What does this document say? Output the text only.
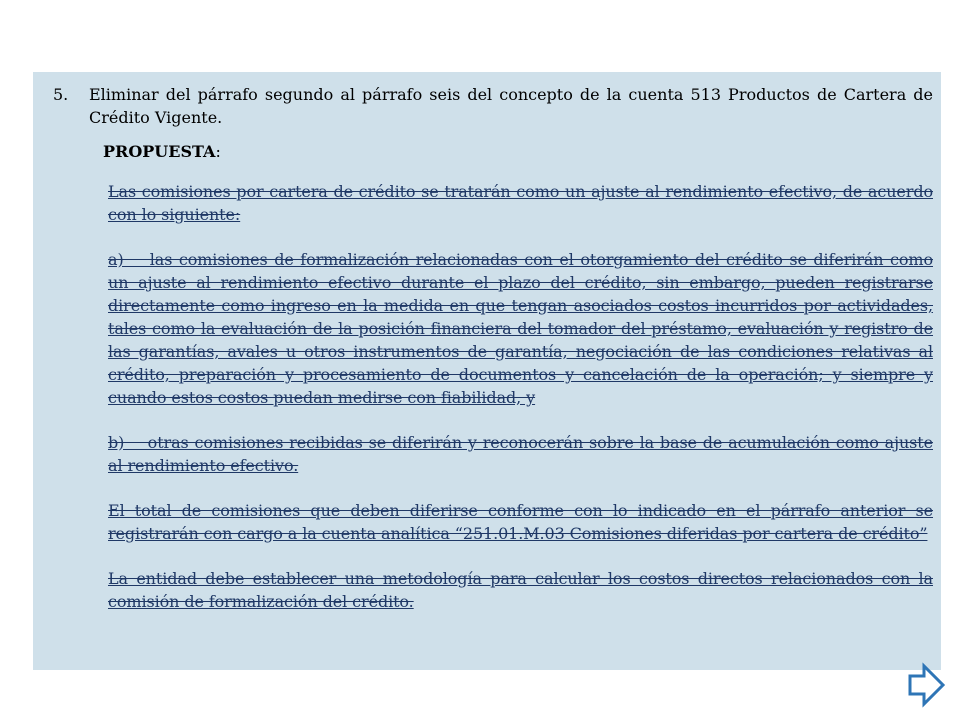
5.	Eliminar del párrafo segundo al párrafo seis del concepto de la cuenta 513 Productos de Cartera de Crédito Vigente.
PROPUESTA:
Las comisiones por cartera de crédito se tratarán como un ajuste al rendimiento efectivo, de acuerdo con lo siguiente:
a)    las comisiones de formalización relacionadas con el otorgamiento del crédito se diferirán como un ajuste al rendimiento efectivo durante el plazo del crédito, sin embargo, pueden registrarse directamente como ingreso en la medida en que tengan asociados costos incurridos por actividades, tales como la evaluación de la posición financiera del tomador del préstamo, evaluación y registro de las garantías, avales u otros instrumentos de garantía, negociación de las condiciones relativas al crédito, preparación y procesamiento de documentos y cancelación de la operación; y siempre y cuando estos costos puedan medirse con fiabilidad, y
b)    otras comisiones recibidas se diferirán y reconocerán sobre la base de acumulación como ajuste al rendimiento efectivo.
El total de comisiones que deben diferirse conforme con lo indicado en el párrafo anterior se registrarán con cargo a la cuenta analítica “251.01.M.03 Comisiones diferidas por cartera de crédito”
La entidad debe establecer una metodología para calcular los costos directos relacionados con la comisión de formalización del crédito.
